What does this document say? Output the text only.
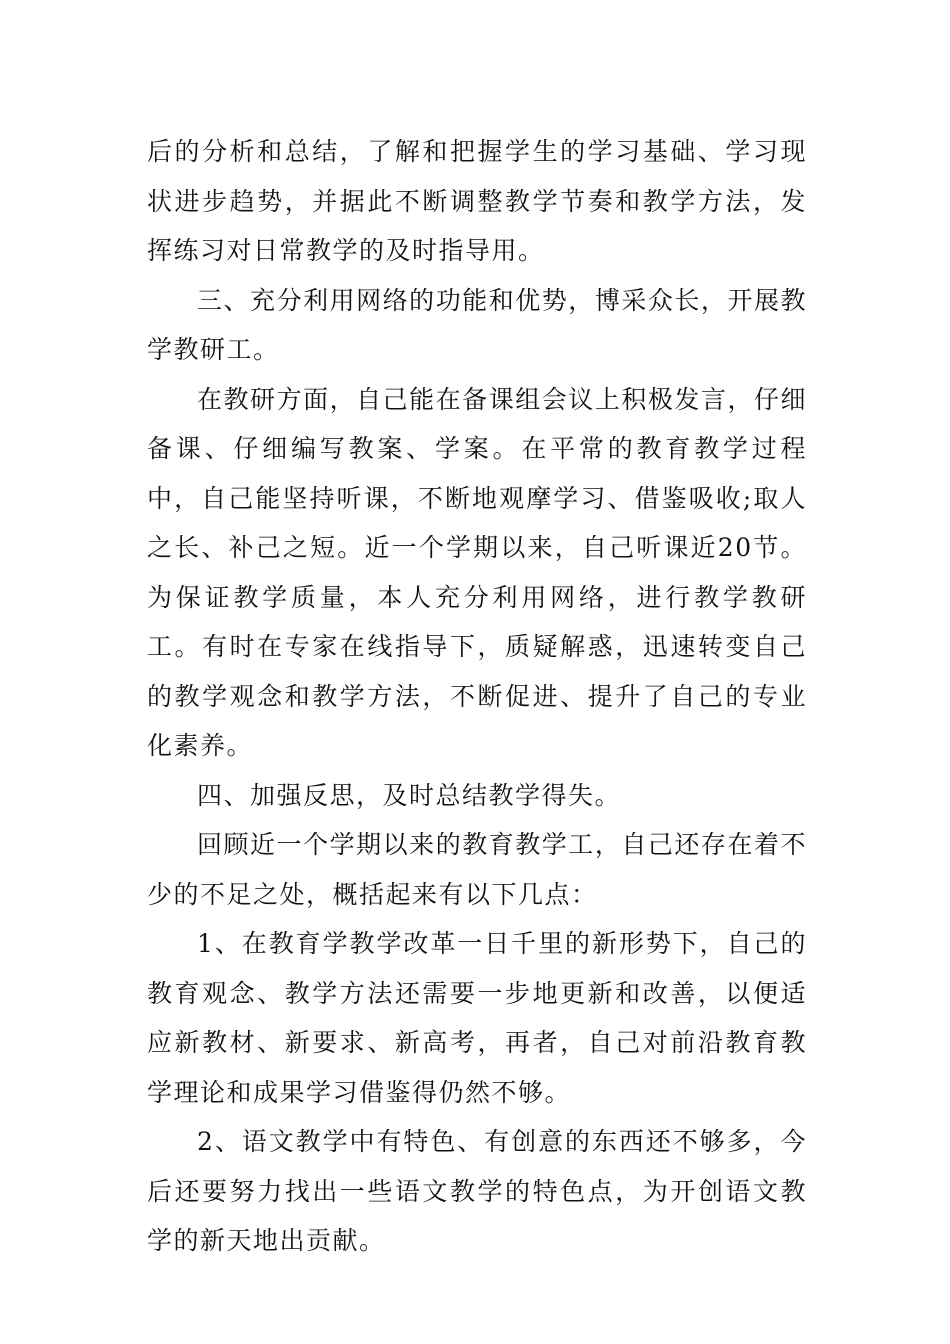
后的分析和总结，了解和把握学生的学习基础、学习现状进步趋势，并据此不断调整教学节奏和教学方法，发挥练习对日常教学的及时指导用。

三、充分利用网络的功能和优势，博采众长，开展教学教研工。

在教研方面，自己能在备课组会议上积极发言，仔细备课、仔细编写教案、学案。在平常的教育教学过程中，自己能坚持听课，不断地观摩学习、借鉴吸收;取人之长、补己之短。近一个学期以来，自己听课近20节。为保证教学质量，本人充分利用网络，进行教学教研工。有时在专家在线指导下，质疑解惑，迅速转变自己的教学观念和教学方法，不断促进、提升了自己的专业化素养。

四、加强反思，及时总结教学得失。

回顾近一个学期以来的教育教学工，自己还存在着不少的不足之处，概括起来有以下几点：

1、在教育学教学改革一日千里的新形势下，自己的教育观念、教学方法还需要一步地更新和改善，以便适应新教材、新要求、新高考，再者，自己对前沿教育教学理论和成果学习借鉴得仍然不够。

2、语文教学中有特色、有创意的东西还不够多，今后还要努力找出一些语文教学的特色点，为开创语文教学的新天地出贡献。
